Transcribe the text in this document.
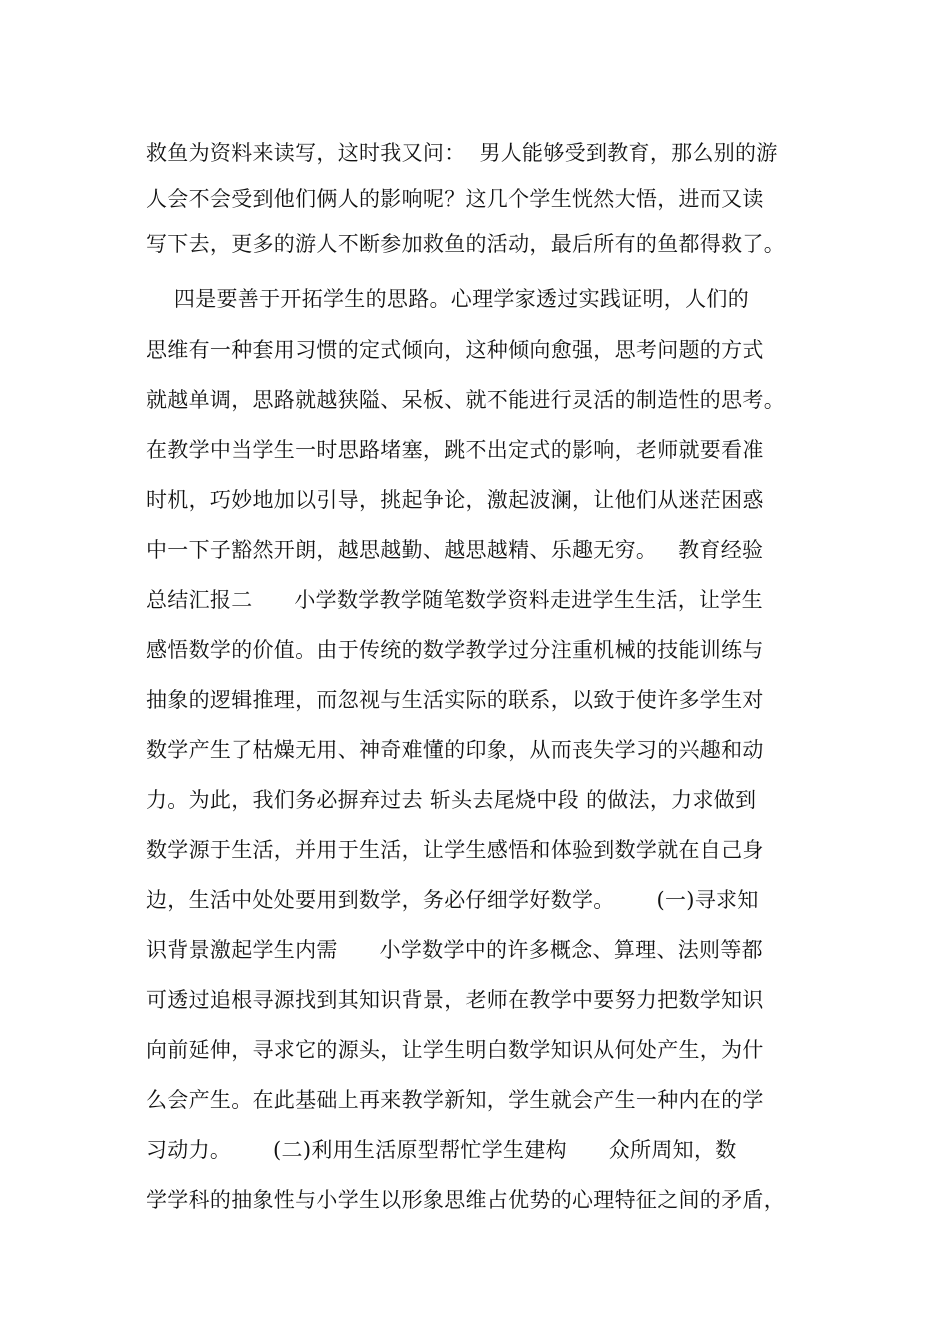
救鱼为资料来读写，这时我又问：  男人能够受到教育，那么别的游
人会不会受到他们俩人的影响呢？这几个学生恍然大悟，进而又读
写下去，更多的游人不断参加救鱼的活动，最后所有的鱼都得救了。
四是要善于开拓学生的思路。心理学家透过实践证明，人们的
思维有一种套用习惯的定式倾向，这种倾向愈强，思考问题的方式
就越单调，思路就越狭隘、呆板、就不能进行灵活的制造性的思考。
在教学中当学生一时思路堵塞，跳不出定式的影响，老师就要看准
时机，巧妙地加以引导，挑起争论，激起波澜，让他们从迷茫困惑
中一下子豁然开朗，越思越勤、越思越精、乐趣无穷。   教育经验
总结汇报二      小学数学教学随笔数学资料走进学生生活，让学生
感悟数学的价值。由于传统的数学教学过分注重机械的技能训练与
抽象的逻辑推理，而忽视与生活实际的联系，以致于使许多学生对
数学产生了枯燥无用、神奇难懂的印象，从而丧失学习的兴趣和动
力。为此，我们务必摒弃过去 斩头去尾烧中段 的做法，力求做到
数学源于生活，并用于生活，让学生感悟和体验到数学就在自己身
边，生活中处处要用到数学，务必仔细学好数学。      (一)寻求知
识背景激起学生内需      小学数学中的许多概念、算理、法则等都
可透过追根寻源找到其知识背景，老师在教学中要努力把数学知识
向前延伸，寻求它的源头，让学生明白数学知识从何处产生，为什
么会产生。在此基础上再来教学新知，学生就会产生一种内在的学
习动力。      (二)利用生活原型帮忙学生建构      众所周知，数
学学科的抽象性与小学生以形象思维占优势的心理特征之间的矛盾，
